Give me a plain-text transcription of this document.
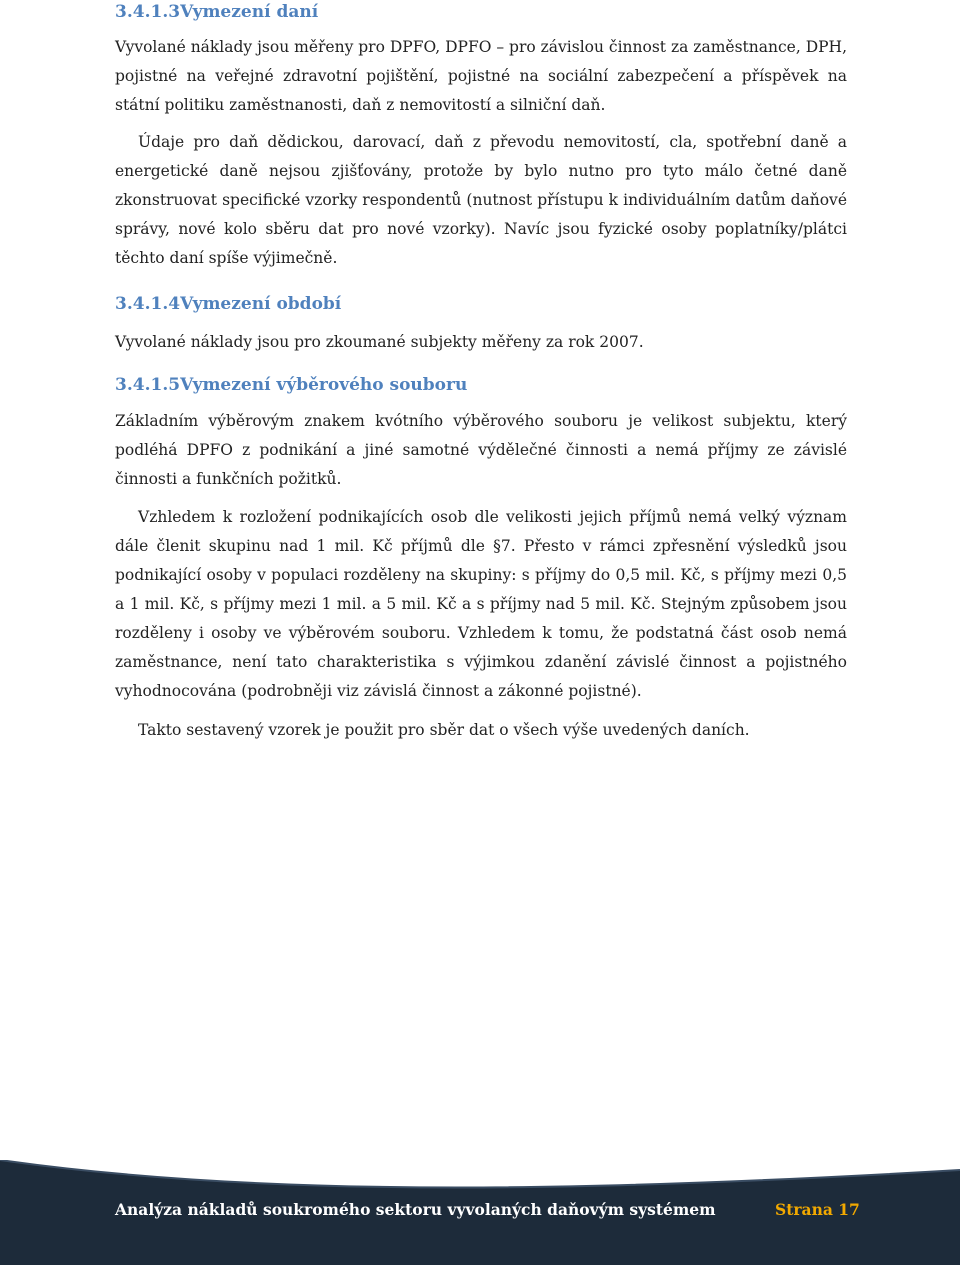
3.4.1.3Vymezení daní

Vyvolané náklady jsou měřeny pro DPFO, DPFO – pro závislou činnost za zaměstnance, DPH, pojistné na veřejné zdravotní pojištění, pojistné na sociální zabezpečení a příspěvek na státní politiku zaměstnanosti, daň z nemovitostí a silniční daň.

Údaje pro daň dědickou, darovací, daň z převodu nemovitostí, cla, spotřební daně a energetické daně nejsou zjišťovány, protože by bylo nutno pro tyto málo četné daně zkonstruovat specifické vzorky respondentů (nutnost přístupu k individuálním datům daňové správy, nové kolo sběru dat pro nové vzorky). Navíc jsou fyzické osoby poplatníky/plátci těchto daní spíše výjimečně.

3.4.1.4Vymezení období

Vyvolané náklady jsou pro zkoumané subjekty měřeny za rok 2007.

3.4.1.5Vymezení výběrového souboru

Základním výběrovým znakem kvótního výběrového souboru je velikost subjektu, který podléhá DPFO z podnikání a jiné samotné výdělečné činnosti a nemá příjmy ze závislé činnosti a funkčních požitků.

Vzhledem k rozložení podnikajících osob dle velikosti jejich příjmů nemá velký význam dále členit skupinu nad 1 mil. Kč příjmů dle §7. Přesto v rámci zpřesnění výsledků jsou podnikající osoby v populaci rozděleny na skupiny: s příjmy do 0,5 mil. Kč, s příjmy mezi 0,5 a 1 mil. Kč, s příjmy mezi 1 mil. a 5 mil. Kč a s příjmy nad 5 mil. Kč. Stejným způsobem jsou rozděleny i osoby ve výběrovém souboru. Vzhledem k tomu, že podstatná část osob nemá zaměstnance, není tato charakteristika s výjimkou zdanění závislé činnost a pojistného vyhodnocována (podrobněji viz závislá činnost a zákonné pojistné).

Takto sestavený vzorek je použit pro sběr dat o všech výše uvedených daních.

Analýza nákladů soukromého sektoru vyvolaných daňovým systémem	Strana 17
